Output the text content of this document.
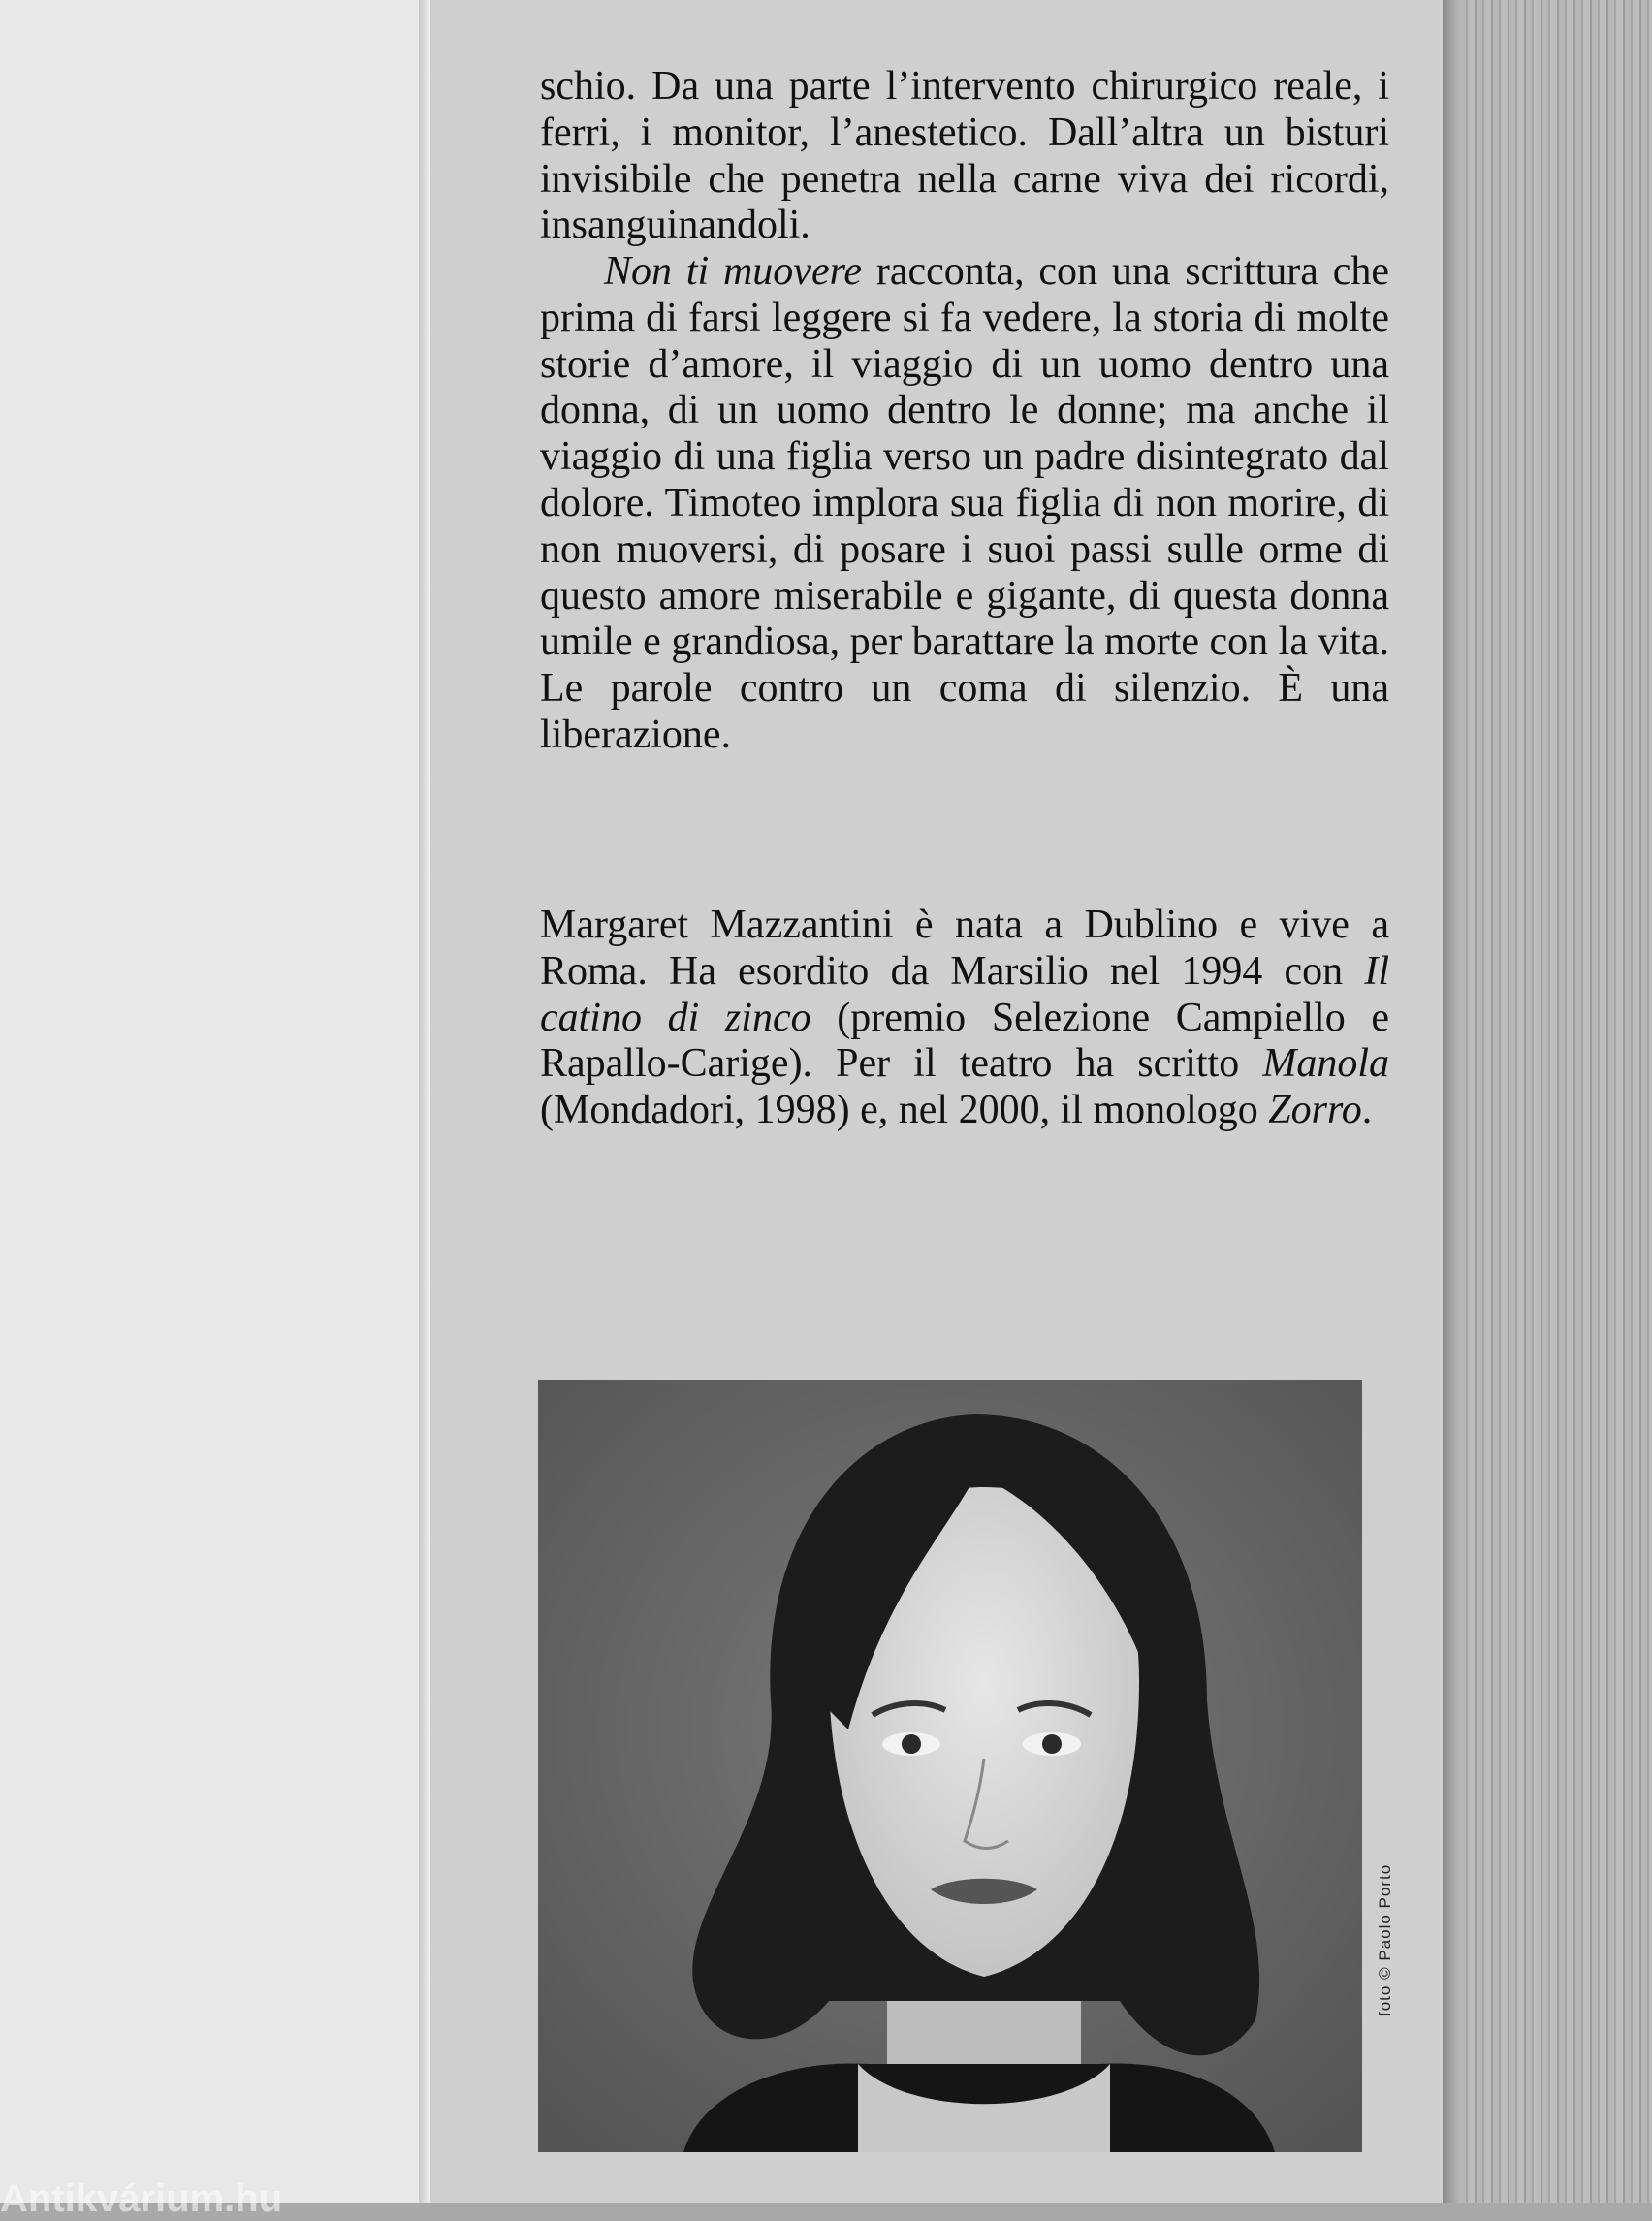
schio. Da una parte l’intervento chirurgico reale, i ferri, i monitor, l’anestetico. Dall’altra un bisturi invisibile che penetra nella carne viva dei ricordi, insanguinandoli.

Non ti muovere racconta, con una scrittura che prima di farsi leggere si fa vedere, la storia di molte storie d’amore, il viaggio di un uomo dentro una donna, di un uomo dentro le donne; ma anche il viaggio di una figlia verso un padre disintegrato dal dolore. Timoteo implora sua figlia di non morire, di non muoversi, di posare i suoi passi sulle orme di questo amore miserabile e gigante, di questa donna umile e grandiosa, per barattare la morte con la vita. Le parole contro un coma di silenzio. È una liberazione.

Margaret Mazzantini è nata a Dublino e vive a Roma. Ha esordito da Marsilio nel 1994 con Il catino di zinco (premio Selezione Campiello e Rapallo-Carige). Per il teatro ha scritto Manola (Mondadori, 1998) e, nel 2000, il monologo Zorro.

foto © Paolo Porto
Antikvárium.hu
